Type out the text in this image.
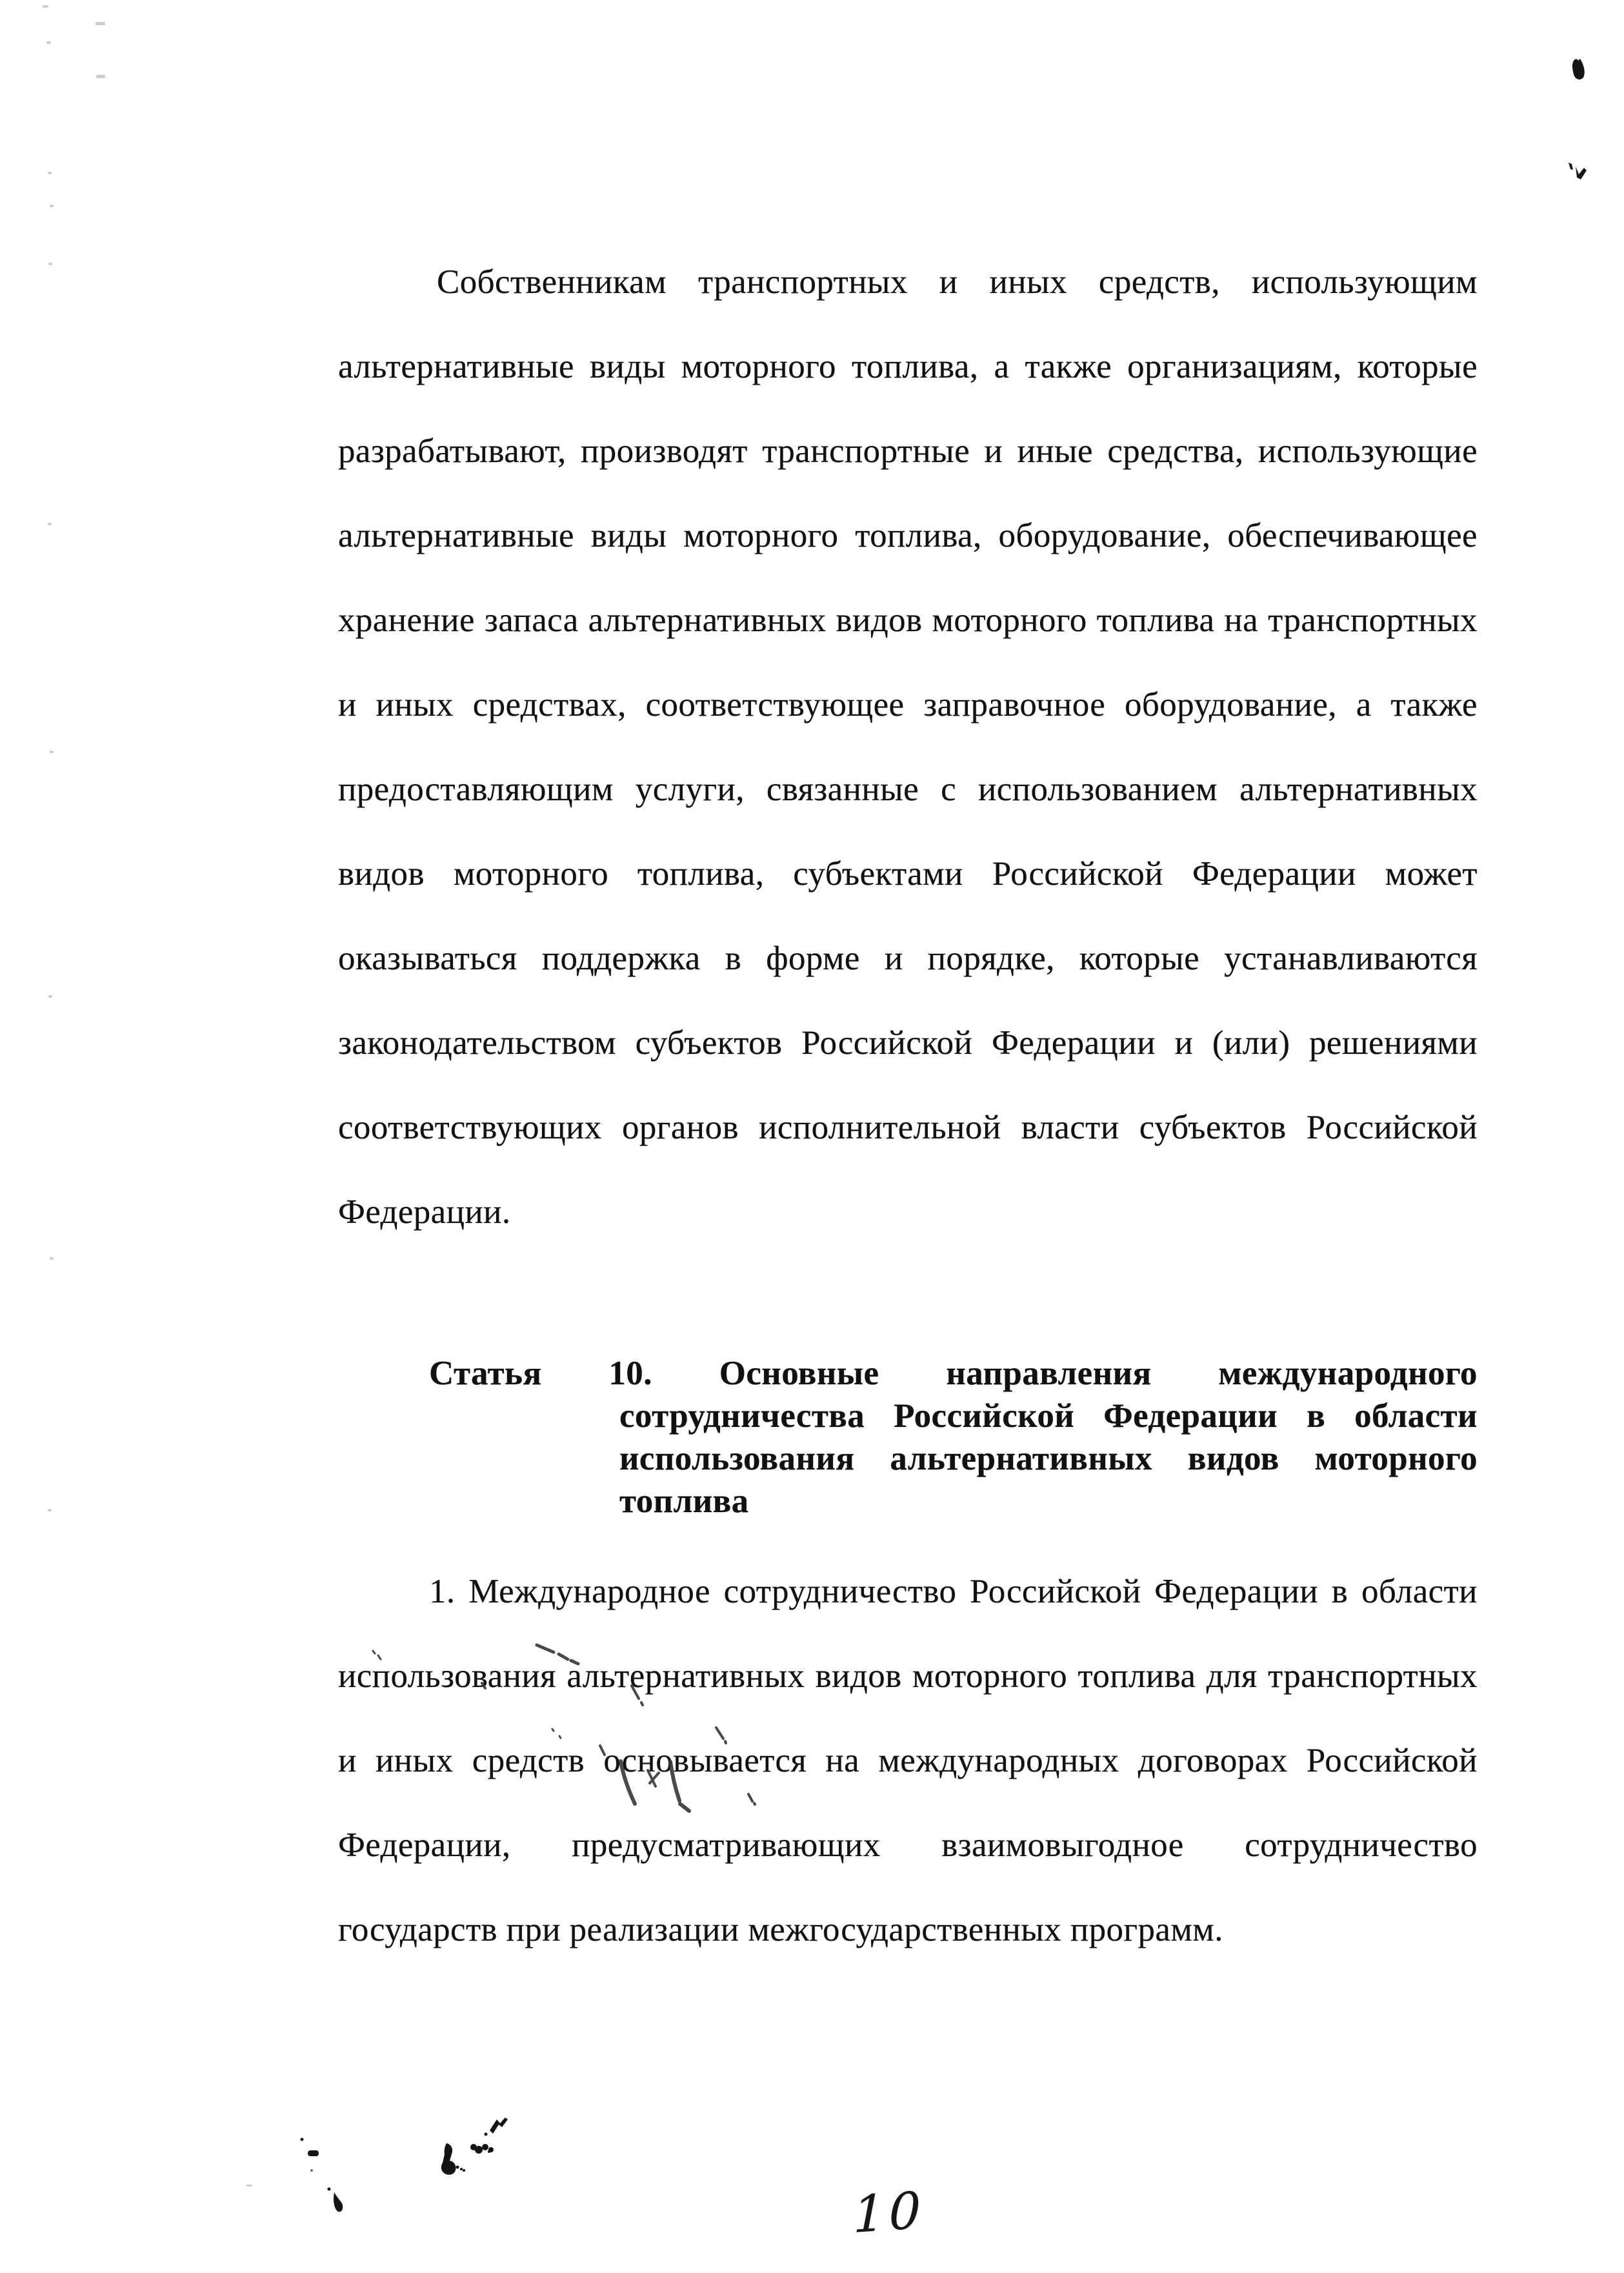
Собственникам транспортных и иных средств, использующим
альтернативные виды моторного топлива, а также организациям, которые
разрабатывают, производят транспортные и иные средства, использующие
альтернативные виды моторного топлива, оборудование, обеспечивающее
хранение запаса альтернативных видов моторного топлива на транспортных
и иных средствах, соответствующее заправочное оборудование, а также
предоставляющим услуги, связанные с использованием альтернативных
видов моторного топлива, субъектами Российской Федерации может
оказываться поддержка в форме и порядке, которые устанавливаются
законодательством субъектов Российской Федерации и (или) решениями
соответствующих органов исполнительной власти субъектов Российской
Федерации.
Статья 10. Основные направления международного
сотрудничества Российской Федерации в области
использования альтернативных видов моторного
топлива
1. Международное сотрудничество Российской Федерации в области
использования альтернативных видов моторного топлива для транспортных
и иных средств основывается на международных договорах Российской
Федерации, предусматривающих взаимовыгодное сотрудничество
государств при реализации межгосударственных программ.
10
